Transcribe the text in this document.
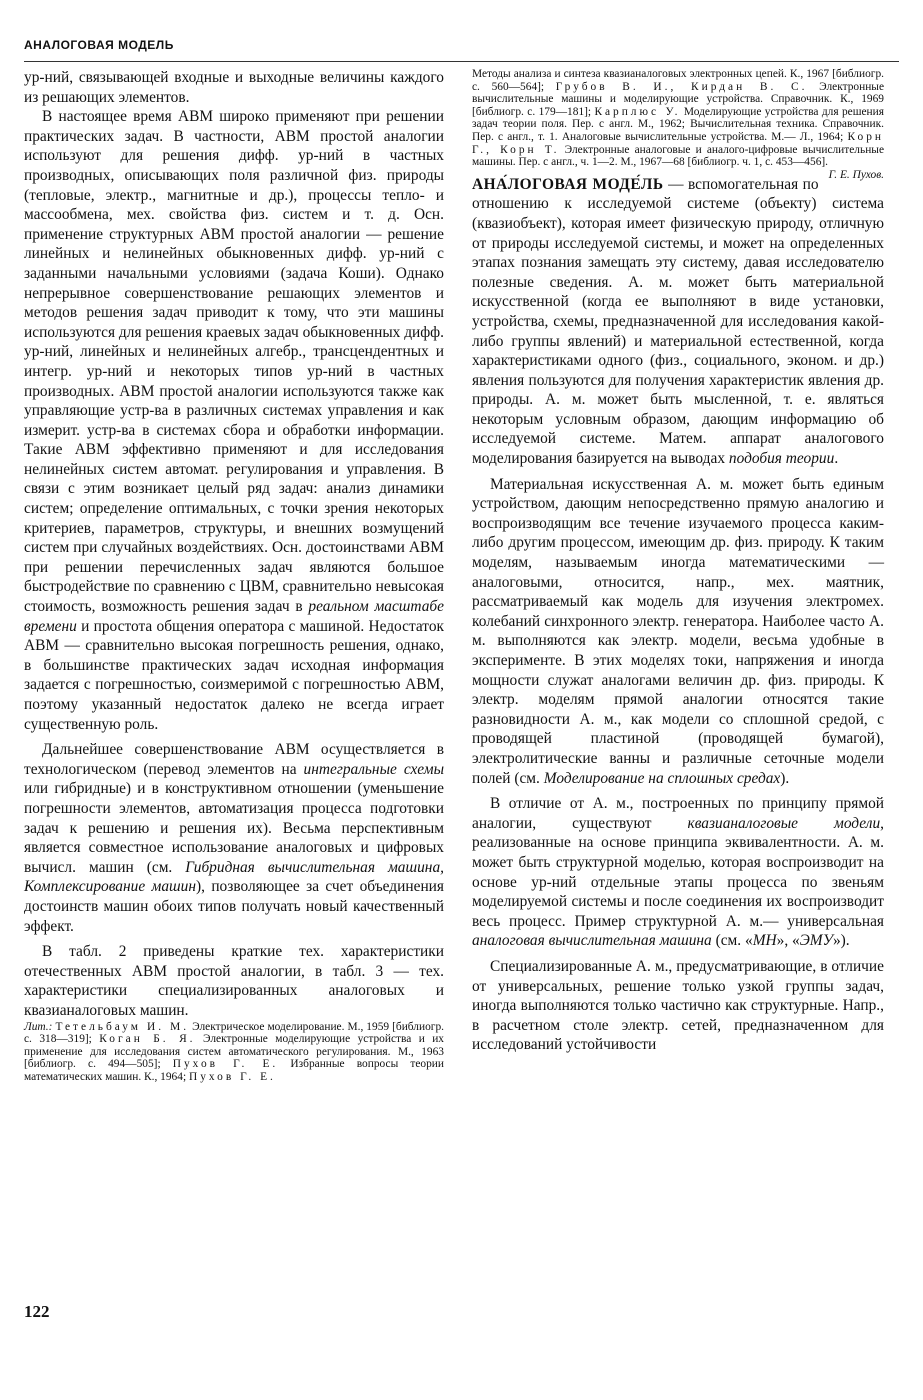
АНАЛОГОВАЯ МОДЕЛЬ

ур-ний, связывающей входные и выходные величины каждого из решающих элементов.

В настоящее время АВМ широко применяют при решении практических задач. В частности, АВМ простой аналогии используют для решения дифф. ур-ний в частных производных, описывающих поля различной физ. природы (тепловые, электр., магнитные и др.), процессы тепло- и массообмена, мех. свойства физ. систем и т. д. Осн. применение структурных АВМ простой аналогии — решение линейных и нелинейных обыкновенных дифф. ур-ний с заданными начальными условиями (задача Коши). Однако непрерывное совершенствование решающих элементов и методов решения задач приводит к тому, что эти машины используются для решения краевых задач обыкновенных дифф. ур-ний, линейных и нелинейных алгебр., трансцендентных и интегр. ур-ний и некоторых типов ур-ний в частных производных. АВМ простой аналогии используются также как управляющие устр-ва в различных системах управления и как измерит. устр-ва в системах сбора и обработки информации. Такие АВМ эффективно применяют и для исследования нелинейных систем автомат. регулирования и управления. В связи с этим возникает целый ряд задач: анализ динамики систем; определение оптимальных, с точки зрения некоторых критериев, параметров, структуры, и внешних возмущений систем при случайных воздействиях. Осн. достоинствами АВМ при решении перечисленных задач являются большое быстродействие по сравнению с ЦВМ, сравнительно невысокая стоимость, возможность решения задач в реальном масштабе времени и простота общения оператора с машиной. Недостаток АВМ — сравнительно высокая погрешность решения, однако, в большинстве практических задач исходная информация задается с погрешностью, соизмеримой с погрешностью АВМ, поэтому указанный недостаток далеко не всегда играет существенную роль.

Дальнейшее совершенствование АВМ осуществляется в технологическом (перевод элементов на интегральные схемы или гибридные) и в конструктивном отношении (уменьшение погрешности элементов, автоматизация процесса подготовки задач к решению и решения их). Весьма перспективным является совместное использование аналоговых и цифровых вычисл. машин (см. Гибридная вычислительная машина, Комплексирование машин), позволяющее за счет объединения достоинств машин обоих типов получать новый качественный эффект.

В табл. 2 приведены краткие тех. характеристики отечественных АВМ простой аналогии, в табл. 3 — тех. характеристики специализированных аналоговых и квазианалоговых машин.

Лит.: Тетельбаум И. М. Электрическое моделирование. М., 1959 [библиогр. с. 318—319]; Коган Б. Я. Электронные моделирующие устройства и их применение для исследования систем автоматического регулирования. М., 1963 [библиогр. с. 494—505]; Пухов Г. Е. Избранные вопросы теории математических машин. К., 1964; Пухов Г. Е.

Методы анализа и синтеза квазианалоговых электронных цепей. К., 1967 [библиогр. с. 560—564]; Грубов В. И., Кирдан В. С. Электронные вычислительные машины и моделирующие устройства. Справочник. К., 1969 [библиогр. с. 179—181]; Карплюс У. Моделирующие устройства для решения задач теории поля. Пер. с англ. М., 1962; Вычислительная техника. Справочник. Пер. с англ., т. 1. Аналоговые вычислительные устройства. М.— Л., 1964; Корн Г., Корн Т. Электронные аналоговые и аналого-цифровые вычислительные машины. Пер. с англ., ч. 1—2. М., 1967—68 [библиогр. ч. 1, с. 453—456].
Г. Е. Пухов.

АНА́ЛОГОВАЯ МОДЕ́ЛЬ — вспомогательная по отношению к исследуемой системе (объекту) система (квазиобъект), которая имеет физическую природу, отличную от природы исследуемой системы, и может на определенных этапах познания замещать эту систему, давая исследователю полезные сведения. А. м. может быть материальной искусственной (когда ее выполняют в виде установки, устройства, схемы, предназначенной для исследования какой-либо группы явлений) и материальной естественной, когда характеристиками одного (физ., социального, эконом. и др.) явления пользуются для получения характеристик явления др. природы. А. м. может быть мысленной, т. е. являться некоторым условным образом, дающим информацию об исследуемой системе. Матем. аппарат аналогового моделирования базируется на выводах подобия теории.

Материальная искусственная А. м. может быть единым устройством, дающим непосредственно прямую аналогию и воспроизводящим все течение изучаемого процесса каким-либо другим процессом, имеющим др. физ. природу. К таким моделям, называемым иногда математическими — аналоговыми, относится, напр., мех. маятник, рассматриваемый как модель для изучения электромех. колебаний синхронного электр. генератора. Наиболее часто А. м. выполняются как электр. модели, весьма удобные в эксперименте. В этих моделях токи, напряжения и иногда мощности служат аналогами величин др. физ. природы. К электр. моделям прямой аналогии относятся такие разновидности А. м., как модели со сплошной средой, с проводящей пластиной (проводящей бумагой), электролитические ванны и различные сеточные модели полей (см. Моделирование на сплошных средах).

В отличие от А. м., построенных по принципу прямой аналогии, существуют квазианалоговые модели, реализованные на основе принципа эквивалентности. А. м. может быть структурной моделью, которая воспроизводит на основе ур-ний отдельные этапы процесса по звеньям моделируемой системы и после соединения их воспроизводит весь процесс. Пример структурной А. м.— универсальная аналоговая вычислительная машина (см. «МН», «ЭМУ»).

Специализированные А. м., предусматривающие, в отличие от универсальных, решение только узкой группы задач, иногда выполняются только частично как структурные. Напр., в расчетном столе электр. сетей, предназначенном для исследований устойчивости

122
